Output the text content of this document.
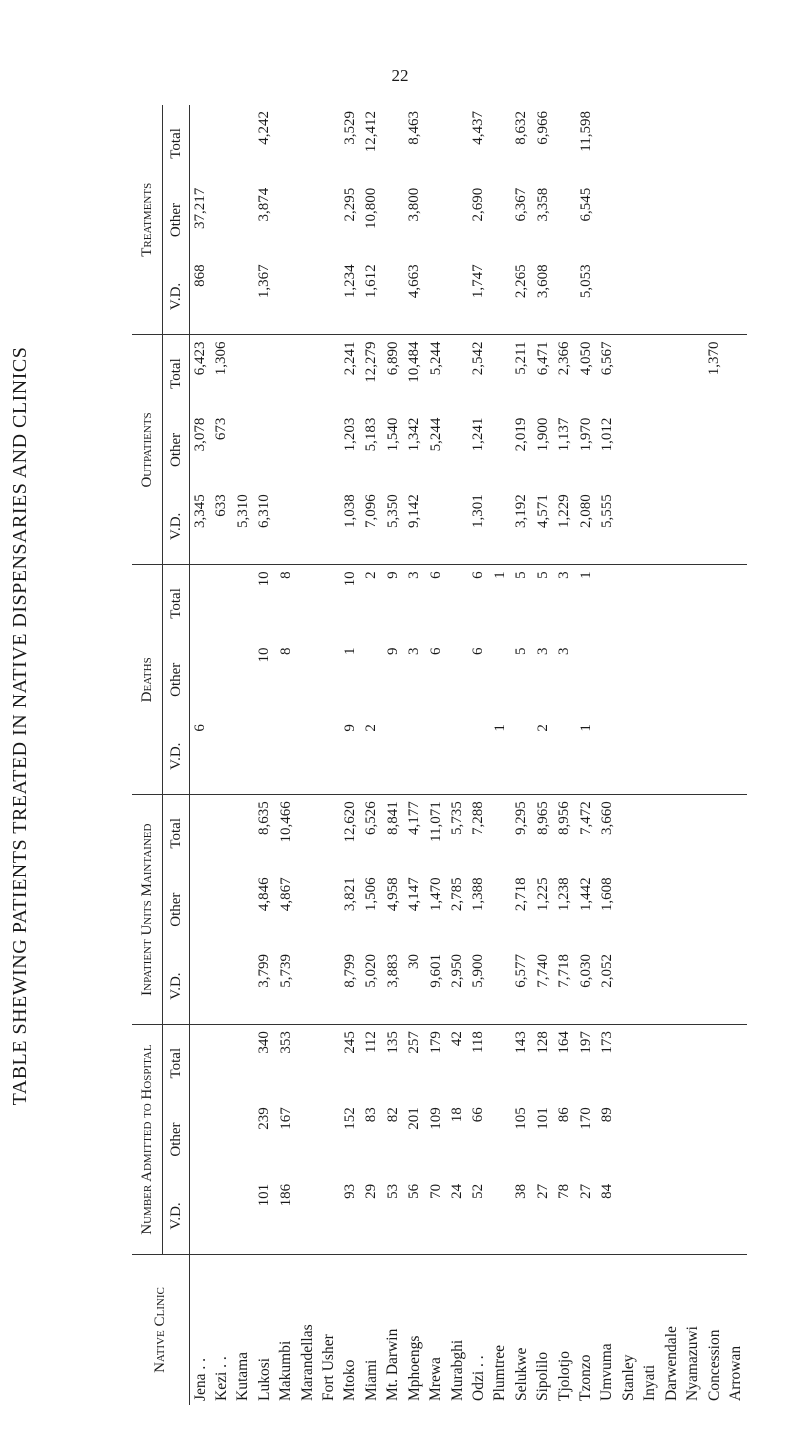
22
TABLE SHEWING PATIENTS TREATED IN NATIVE DISPENSARIES AND CLINICS
Native Clinic	Number Admitted to Hospital			Inpatient Units Maintained			Deaths			Outpatients			Treatments		
	V.D.	Other	Total	V.D.	Other	Total	V.D.	Other	Total	V.D.	Other	Total	V.D.	Other	Total
Jena . .							6			3,345	3,078	6,423	868	37,217	
Kezi . .										633	673	1,306			
Kutama										5,310					
Lukosi	101	239	340	3,799	4,846	8,635		10	10	6,310			1,367	3,874	4,242
Makumbi	186	167	353	5,739	4,867	10,466		8	8						
Marandellas															
Fort Usher															
Mtoko	93	152	245	8,799	3,821	12,620	9	1	10	1,038	1,203	2,241	1,234	2,295	3,529
Miami	29	83	112	5,020	1,506	6,526	2		2	7,096	5,183	12,279	1,612	10,800	12,412
Mt. Darwin	53	82	135	3,883	4,958	8,841		9	9	5,350	1,540	6,890			
Mphoengs	56	201	257	30	4,147	4,177		3	3	9,142	1,342	10,484	4,663	3,800	8,463
Mrewa	70	109	179	9,601	1,470	11,071		6	6		5,244	5,244			
Murabghi	24	18	42	2,950	2,785	5,735									
Odzi . .	52	66	118	5,900	1,388	7,288		6	6	1,301	1,241	2,542	1,747	2,690	4,437
Plumtree							1		1						
Selukwe	38	105	143	6,577	2,718	9,295		5	5	3,192	2,019	5,211	2,265	6,367	8,632
Sipolilo	27	101	128	7,740	1,225	8,965	2	3	5	4,571	1,900	6,471	3,608	3,358	6,966
Tjolotjo	78	86	164	7,718	1,238	8,956		3	3	1,229	1,137	2,366			
Tzonzo	27	170	197	6,030	1,442	7,472	1		1	2,080	1,970	4,050	5,053	6,545	11,598
Umvuma	84	89	173	2,052	1,608	3,660				5,555	1,012	6,567			
Stanley															
Inyati															
Darwendale															
Nyamazuwi															
Concession												1,370			
Arrowan															
